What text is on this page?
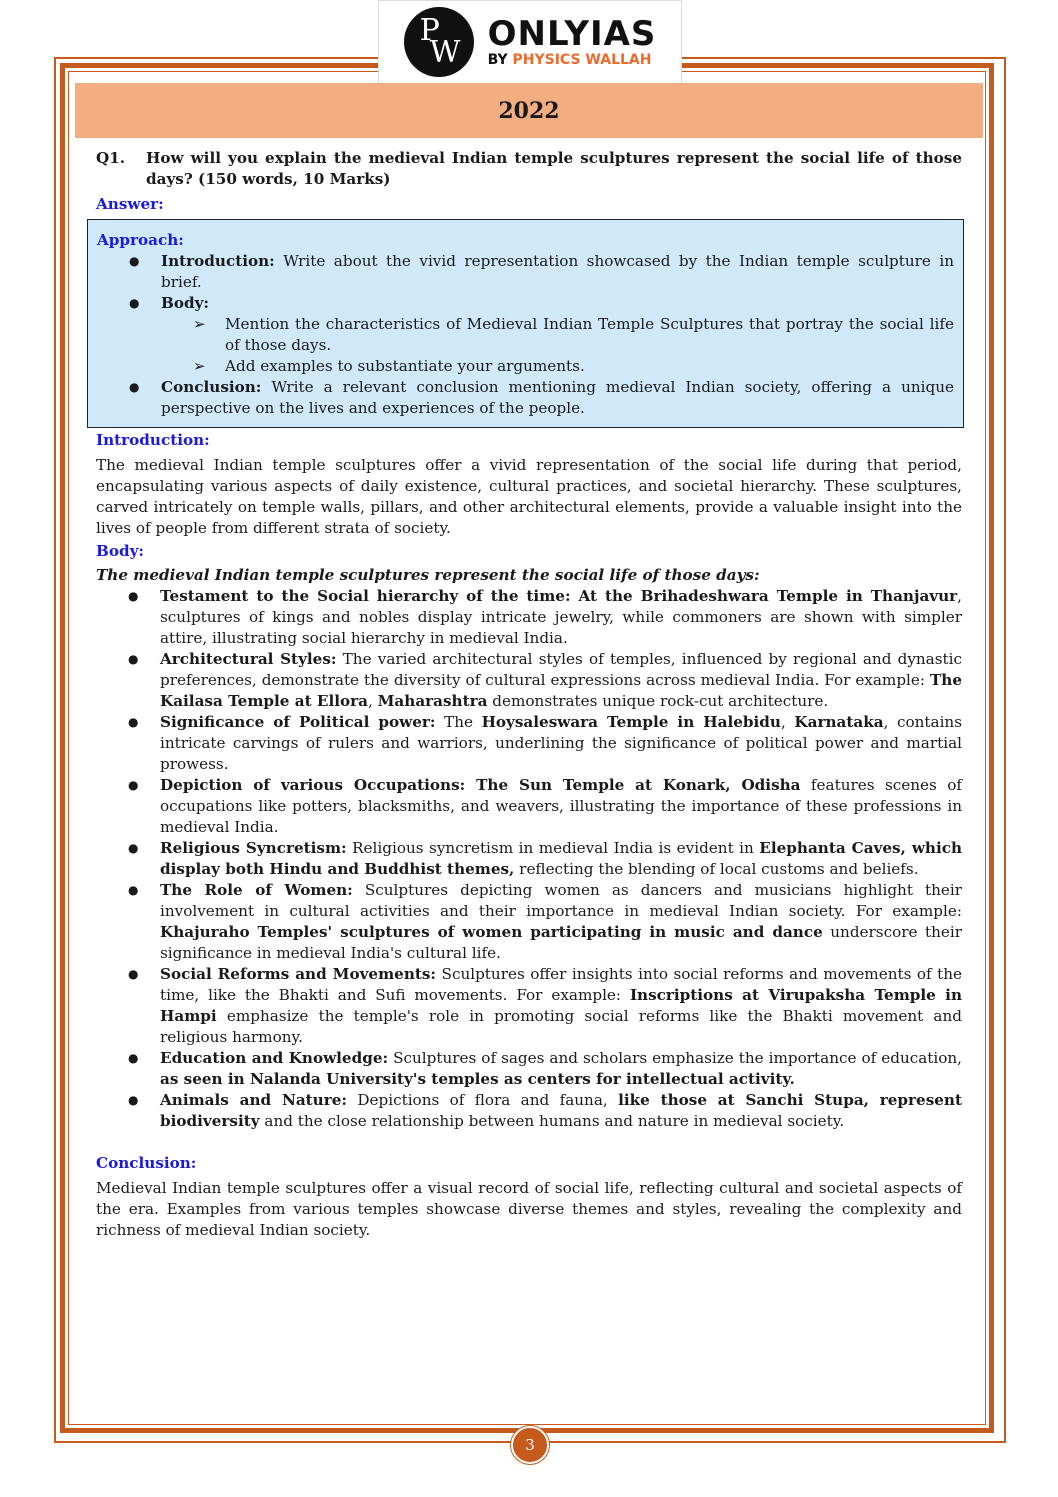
P
W ONLYIAS
BY PHYSICS WALLAH
2022
Q1.	How will you explain the medieval Indian temple sculptures represent the social life of those days? (150 words, 10 Marks)
Answer:
Approach:
● Introduction: Write about the vivid representation showcased by the Indian temple sculpture in brief.
● Body:
➢ Mention the characteristics of Medieval Indian Temple Sculptures that portray the social life of those days.
➢ Add examples to substantiate your arguments.
● Conclusion: Write a relevant conclusion mentioning medieval Indian society, offering a unique perspective on the lives and experiences of the people.
Introduction:

The medieval Indian temple sculptures offer a vivid representation of the social life during that period, encapsulating various aspects of daily existence, cultural practices, and societal hierarchy. These sculptures, carved intricately on temple walls, pillars, and other architectural elements, provide a valuable insight into the lives of people from different strata of society.

Body:
The medieval Indian temple sculptures represent the social life of those days:
● Testament to the Social hierarchy of the time: At the Brihadeshwara Temple in Thanjavur, sculptures of kings and nobles display intricate jewelry, while commoners are shown with simpler attire, illustrating social hierarchy in medieval India.
● Architectural Styles: The varied architectural styles of temples, influenced by regional and dynastic preferences, demonstrate the diversity of cultural expressions across medieval India. For example: The Kailasa Temple at Ellora, Maharashtra demonstrates unique rock-cut architecture.
● Significance of Political power: The Hoysaleswara Temple in Halebidu, Karnataka, contains intricate carvings of rulers and warriors, underlining the significance of political power and martial prowess.
● Depiction of various Occupations: The Sun Temple at Konark, Odisha features scenes of occupations like potters, blacksmiths, and weavers, illustrating the importance of these professions in medieval India.
● Religious Syncretism: Religious syncretism in medieval India is evident in Elephanta Caves, which display both Hindu and Buddhist themes, reflecting the blending of local customs and beliefs.
● The Role of Women: Sculptures depicting women as dancers and musicians highlight their involvement in cultural activities and their importance in medieval Indian society. For example: Khajuraho Temples' sculptures of women participating in music and dance underscore their significance in medieval India's cultural life.
● Social Reforms and Movements: Sculptures offer insights into social reforms and movements of the time, like the Bhakti and Sufi movements. For example: Inscriptions at Virupaksha Temple in Hampi emphasize the temple's role in promoting social reforms like the Bhakti movement and religious harmony.
● Education and Knowledge: Sculptures of sages and scholars emphasize the importance of education, as seen in Nalanda University's temples as centers for intellectual activity.
● Animals and Nature: Depictions of flora and fauna, like those at Sanchi Stupa, represent biodiversity and the close relationship between humans and nature in medieval society.
Conclusion:

Medieval Indian temple sculptures offer a visual record of social life, reflecting cultural and societal aspects of the era. Examples from various temples showcase diverse themes and styles, revealing the complexity and richness of medieval Indian society.

3
